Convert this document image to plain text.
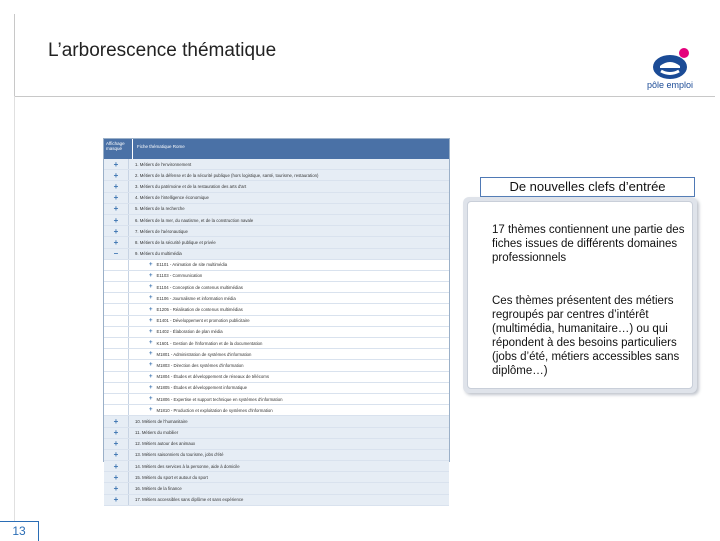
L’arborescence thématique
pôle emploi
Affichage masqué	Fiche thématique Rome
+	1. Métiers de l'environnement
+	2. Métiers de la défense et de la sécurité publique (hors logistique, santé, tourisme, restauration)
+	3. Métiers du patrimoine et de la restauration des arts d'art
+	4. Métiers de l'intelligence économique
+	5. Métiers de la recherche
+	6. Métiers de la mer, du nautisme, et de la construction navale
+	7. Métiers de l'aéronautique
+	8. Métiers de la sécurité publique et privée
–	9. Métiers du multimédia
+ E1101 - Animation de site multimédia
+ E1103 - Communication
+ E1104 - Conception de contenus multimédias
+ E1106 - Journalisme et information média
+ E1205 - Réalisation de contenus multimédias
+ E1401 - Développement et promotion publicitaire
+ E1402 - Élaboration de plan média
+ K1601 - Gestion de l'information et de la documentation
+ M1801 - Administration de systèmes d'information
+ M1803 - Direction des systèmes d'information
+ M1804 - Études et développement de réseaux de télécoms
+ M1805 - Études et développement informatique
+ M1806 - Expertise et support technique en systèmes d'information
+ M1810 - Production et exploitation de systèmes d'information
+	10. Métiers de l'humanitaire
+	11. Métiers du mobilier
+	12. Métiers autour des animaux
+	13. Métiers saisonniers du tourisme, jobs d'été
+	14. Métiers des services à la personne, aide à domicile
+	15. Métiers du sport et autour du sport
+	16. Métiers de la finance
+	17. Métiers accessibles sans diplôme et sans expérience
De nouvelles clefs d’entrée
17 thèmes contiennent une partie des fiches issues de différents domaines professionnels
Ces thèmes présentent des métiers regroupés par centres d’intérêt (multimédia, humanitaire…) ou qui répondent à des besoins particuliers (jobs d’été, métiers accessibles sans diplôme…)
13
